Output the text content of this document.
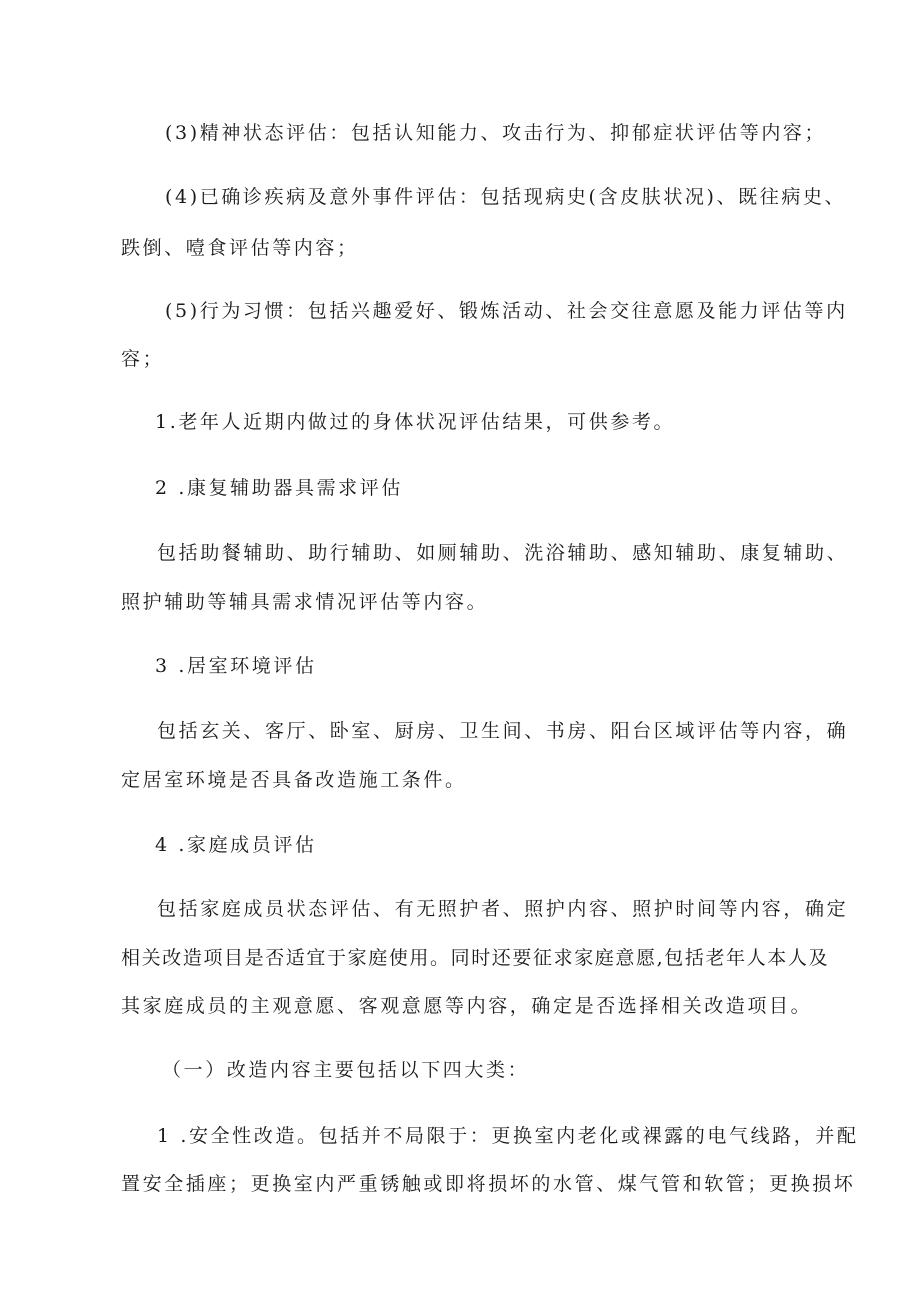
(3)精神状态评估：包括认知能力、攻击行为、抑郁症状评估等内容；
(4)已确诊疾病及意外事件评估：包括现病史(含皮肤状况)、既往病史、
跌倒、噎食评估等内容；
(5)行为习惯：包括兴趣爱好、锻炼活动、社会交往意愿及能力评估等内
容；
1.老年人近期内做过的身体状况评估结果，可供参考。
2 .康复辅助器具需求评估
包括助餐辅助、助行辅助、如厕辅助、洗浴辅助、感知辅助、康复辅助、
照护辅助等辅具需求情况评估等内容。
3 .居室环境评估
包括玄关、客厅、卧室、厨房、卫生间、书房、阳台区域评估等内容，确
定居室环境是否具备改造施工条件。
4 .家庭成员评估
包括家庭成员状态评估、有无照护者、照护内容、照护时间等内容，确定
相关改造项目是否适宜于家庭使用。同时还要征求家庭意愿,包括老年人本人及
其家庭成员的主观意愿、客观意愿等内容，确定是否选择相关改造项目。
（一）改造内容主要包括以下四大类：
1 .安全性改造。包括并不局限于：更换室内老化或裸露的电气线路，并配
置安全插座；更换室内严重锈触或即将损坏的水管、煤气管和软管；更换损坏
